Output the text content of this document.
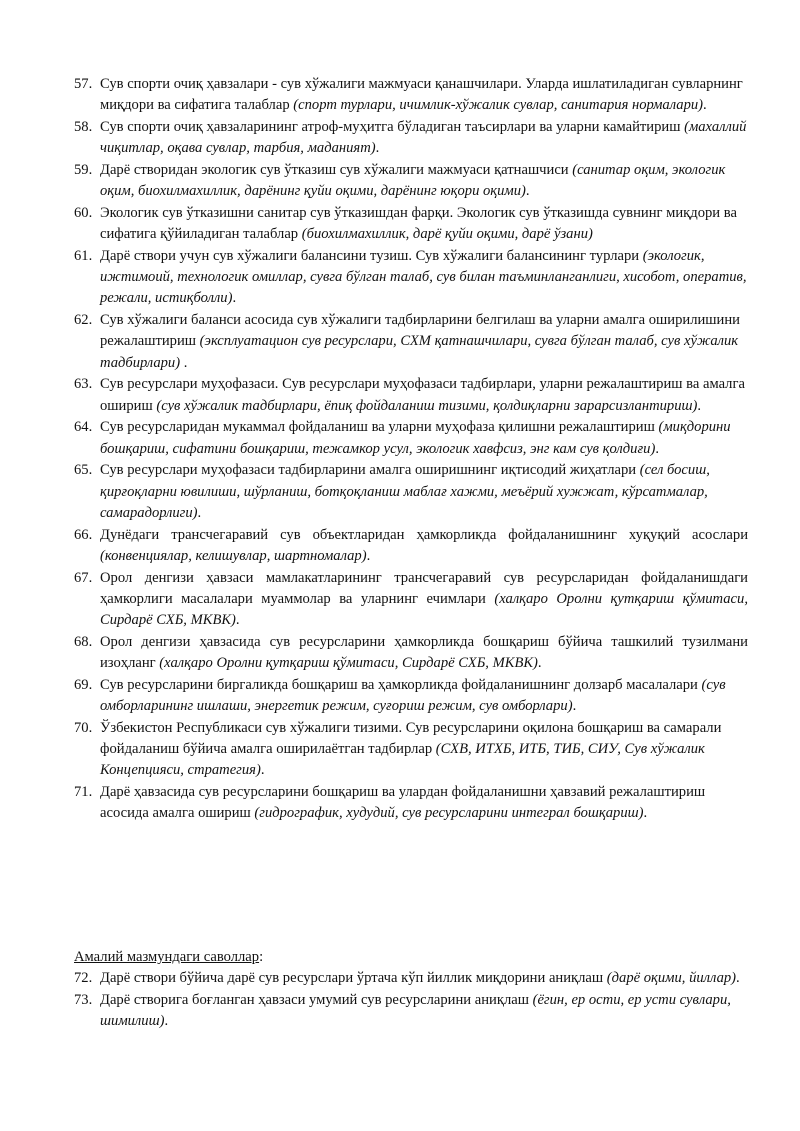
57. Сув спорти очиқ ҳавзалари - сув хўжалиги мажмуаси қанашчилари. Уларда ишлатиладиган сувларнинг миқдори ва сифатига талаблар (спорт турлари, ичимлик-хўжалик сувлар, санитария нормалари).
58. Сув спорти очиқ ҳавзаларининг атроф-муҳитга бўладиган таъсирлари ва уларни камайтириш (махаллий чиқитлар, оқава сувлар, тарбия, маданият).
59. Дарё створидан экологик сув ўтказиш сув хўжалиги мажмуаси қатнашчиси (санитар оқим, экологик оқим, биохилмахиллик, дарёнинг қуйи оқими, дарёнинг юқори оқими).
60. Экологик сув ўтказишни санитар сув ўтказишдан фарқи. Экологик сув ўтказишда сувнинг миқдори ва сифатига қўйиладиган талаблар (биохилмахиллик, дарё қуйи оқими, дарё ўзани)
61. Дарё створи учун сув хўжалиги балансини тузиш. Сув хўжалиги балансининг турлари (экологик, ижтимоий, технологик омиллар, сувга бўлган талаб, сув билан таъминланганлиги, хисобот, оператив, режали, истиқболли).
62. Сув хўжалиги баланси асосида сув хўжалиги тадбирларини белгилаш ва уларни амалга оширилишини режалаштириш (эксплуатацион сув ресурслари, СХМ қатнашчилари, сувга бўлган талаб, сув хўжалик тадбирлари) .
63. Сув ресурслари муҳофазаси. Сув ресурслари муҳофазаси тадбирлари, уларни режалаштириш ва амалга ошириш (сув хўжалик тадбирлари, ёпиқ фойдаланиш тизими, қолдиқларни зарарсизлантириш).
64. Сув ресурсларидан мукаммал фойдаланиш ва уларни муҳофаза қилишни режалаштириш (миқдорини бошқариш, сифатини бошқариш, тежамкор усул, экологик хавфсиз, энг кам сув қолдиғи).
65. Сув ресурслари муҳофазаси тадбирларини амалга оширишнинг иқтисодий жиҳатлари (сел босиш, қирғоқларни ювилиши, шўрланиш, ботқоқланиш маблағ хажми, меъёрий хужжат, кўрсатмалар, самарадорлиги).
66. Дунёдаги трансчегаравий сув объектларидан ҳамкорликда фойдаланишнинг хуқуқий асослари (конвенциялар, келишувлар, шартномалар).
67. Орол денгизи ҳавзаси мамлакатларининг трансчегаравий сув ресурсларидан фойдаланишдаги ҳамкорлиги масалалари муаммолар ва уларнинг ечимлари (халқаро Оролни қутқариш қўмитаси, Сирдарё СХБ, МКВК).
68. Орол денгизи ҳавзасида сув ресурсларини ҳамкорликда бошқариш бўйича ташкилий тузилмани изоҳланг (халқаро Оролни қутқариш қўмитаси, Сирдарё СХБ, МКВК).
69. Сув ресурсларини биргаликда бошқариш ва ҳамкорликда фойдаланишнинг долзарб масалалари (сув омборларининг ишлаши, энергетик режим, суғориш режим, сув омборлари).
70. Ўзбекистон Республикаси сув хўжалиги тизими. Сув ресурсларини оқилона бошқариш ва самарали фойдаланиш бўйича амалга оширилаётган тадбирлар (СХВ, ИТХБ, ИТБ, ТИБ, СИУ, Сув хўжалик Концепцияси, стратегия).
71. Дарё ҳавзасида сув ресурсларини бошқариш ва улардан фойдаланишни ҳавзавий режалаштириш асосида амалга ошириш (гидрографик, худудий, сув ресурсларини интеграл бошқариш).
Амалий мазмундаги саволлар:
72. Дарё створи бўйича дарё сув ресурслари ўртача кўп йиллик миқдорини аниқлаш (дарё оқими, йиллар).
73. Дарё створига боғланган ҳавзаси умумий сув ресурсларини аниқлаш (ёгин, ер ости, ер усти сувлари, шимилиш).
